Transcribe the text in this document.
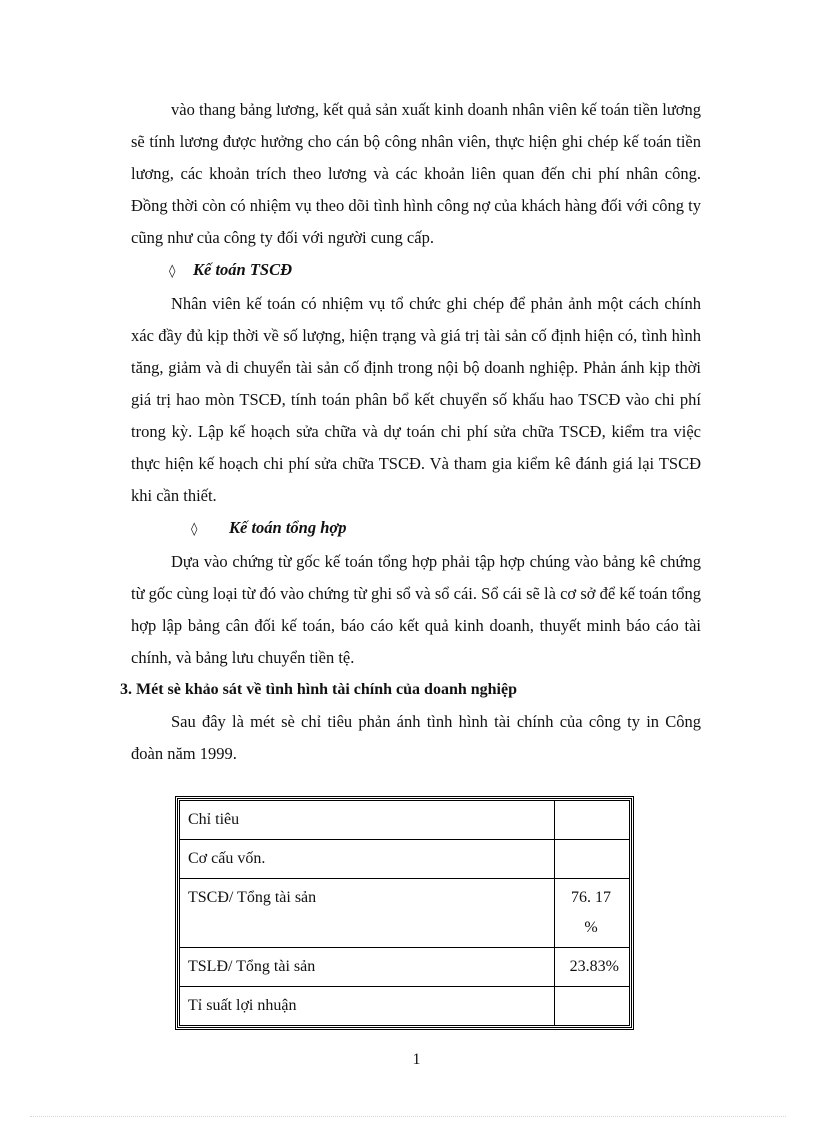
vào thang bảng lương, kết quả sản xuất kinh doanh nhân viên kế toán tiền lương sẽ tính lương được hưởng cho cán bộ công nhân viên, thực hiện ghi chép kế toán tiền lương, các khoản trích theo lương và các khoản liên quan đến chi phí nhân công. Đồng thời còn có nhiệm vụ theo dõi tình hình công nợ của khách hàng đối với công ty cũng như của công ty đối với người cung cấp.

◊ Kế toán TSCĐ

Nhân viên kế toán có nhiệm vụ tổ chức ghi chép để phản ảnh một cách chính xác đầy đủ kịp thời về số lượng, hiện trạng và giá trị tài sản cố định hiện có, tình hình tăng, giảm và di chuyển tài sản cố định trong nội bộ doanh nghiệp. Phản ánh kịp thời giá trị hao mòn TSCĐ, tính toán phân bổ kết chuyển số khấu hao TSCĐ vào chi phí trong kỳ. Lập kế hoạch sửa chữa và dự toán chi phí sửa chữa TSCĐ, kiểm tra việc thực hiện kế hoạch chi phí sửa chữa TSCĐ. Và tham gia kiểm kê đánh giá lại TSCĐ khi cần thiết.

◊ Kế toán tổng hợp

Dựa vào chứng từ gốc kế toán tổng hợp phải tập hợp chúng vào bảng kê chứng từ gốc cùng loại từ đó vào chứng từ ghi sổ và sổ cái. Sổ cái sẽ là cơ sở để kế toán tổng hợp lập bảng cân đối kế toán, báo cáo kết quả kinh doanh, thuyết minh báo cáo tài chính, và bảng lưu chuyển tiền tệ.

3. Mét sè khảo sát về tình hình tài chính của doanh nghiệp

Sau đây là mét sè chỉ tiêu phản ánh tình hình tài chính của công ty in Công đoàn năm 1999.

Chỉ tiêu	
Cơ cấu vốn.	
TSCĐ/ Tổng tài sản	76. 17 %
TSLĐ/ Tổng tài sản	23.83%
Tỉ suất lợi nhuận	
1
